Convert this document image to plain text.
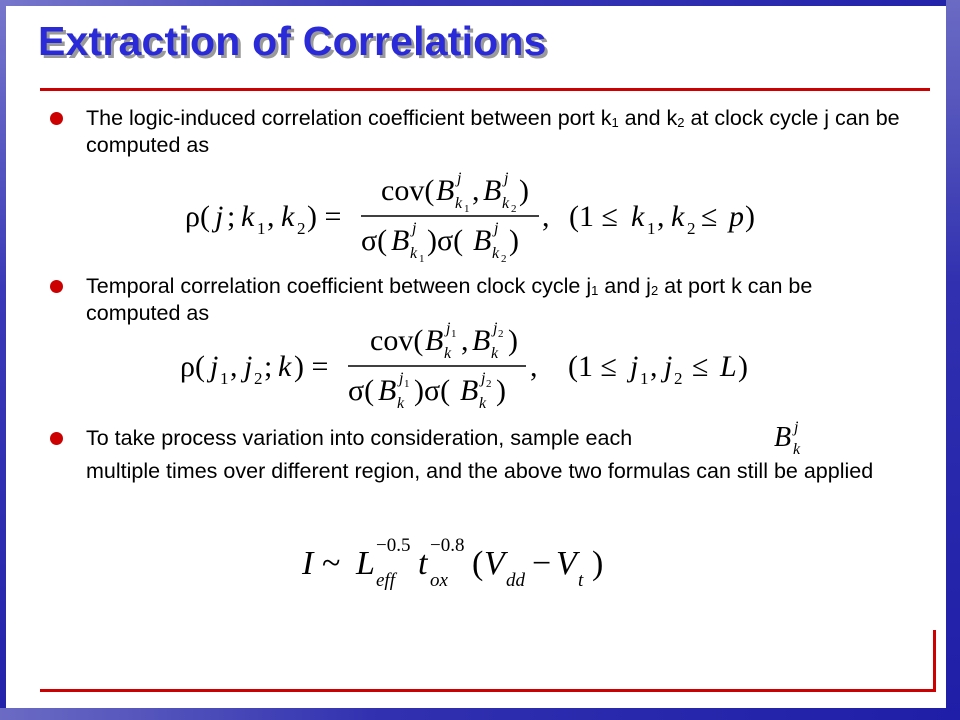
Extraction of Correlations
The logic-induced correlation coefficient between port $k_1$ and $k_2$ at clock cycle j can be computed as
ρ( j ; k 1 , k 2 ) =
cov( B j
k 1
, B j
k 2
)
σ( B j
k 1
)σ( B j
k 2
)
, (1 ≤ k 1 , k 2 ≤ p )
Temporal correlation coefficient between clock cycle $j_1$ and $j_2$ at port k can be computed as
ρ( j 1 , j 2 ; k ) =
cov( B j 1
k , B j 2
k )
σ( B j 1
k )σ( B j 2
k )
, (1 ≤ j 1 , j 2 ≤ L )
To take process variation into consideration, sample each
multiple times over different region, and the above two formulas can still be applied
B j
k
I ~ L −0.5
eff t −0.8
ox ( V dd − V t )
